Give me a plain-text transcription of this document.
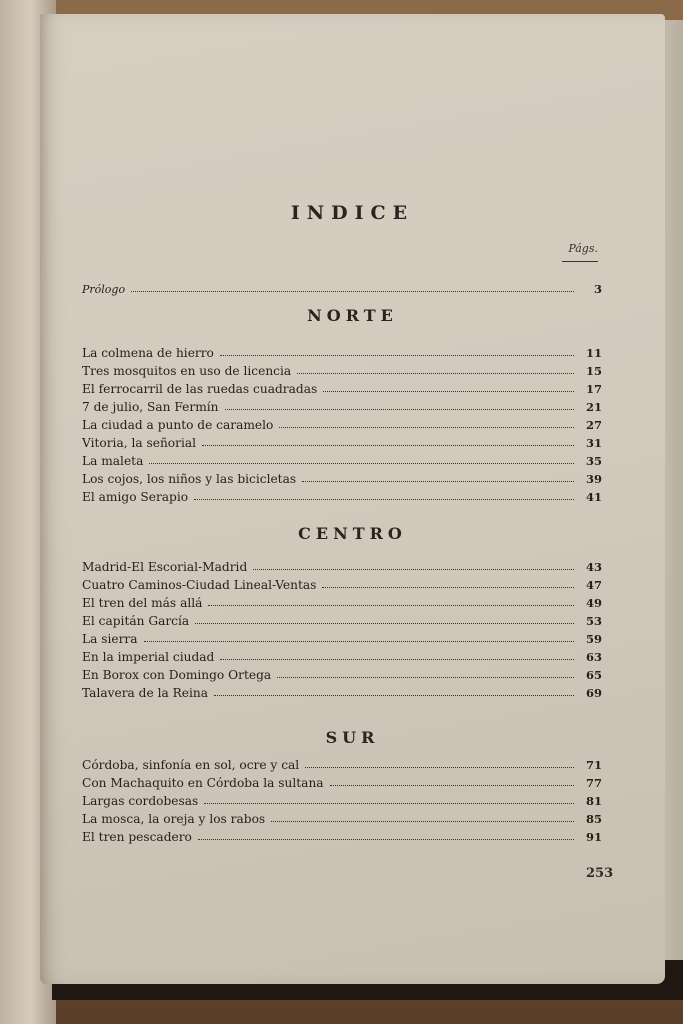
INDICE
Págs.
Prólogo	3
NORTE
La colmena de hierro	11
Tres mosquitos en uso de licencia	15
El ferrocarril de las ruedas cuadradas	17
7 de julio, San Fermín	21
La ciudad a punto de caramelo	27
Vitoria, la señorial	31
La maleta	35
Los cojos, los niños y las bicicletas	39
El amigo Serapio	41
CENTRO
Madrid-El Escorial-Madrid	43
Cuatro Caminos-Ciudad Lineal-Ventas	47
El tren del más allá	49
El capitán García	53
La sierra	59
En la imperial ciudad	63
En Borox con Domingo Ortega	65
Talavera de la Reina	69
SUR
Córdoba, sinfonía en sol, ocre y cal	71
Con Machaquito en Córdoba la sultana	77
Largas cordobesas	81
La mosca, la oreja y los rabos	85
El tren pescadero	91
253
